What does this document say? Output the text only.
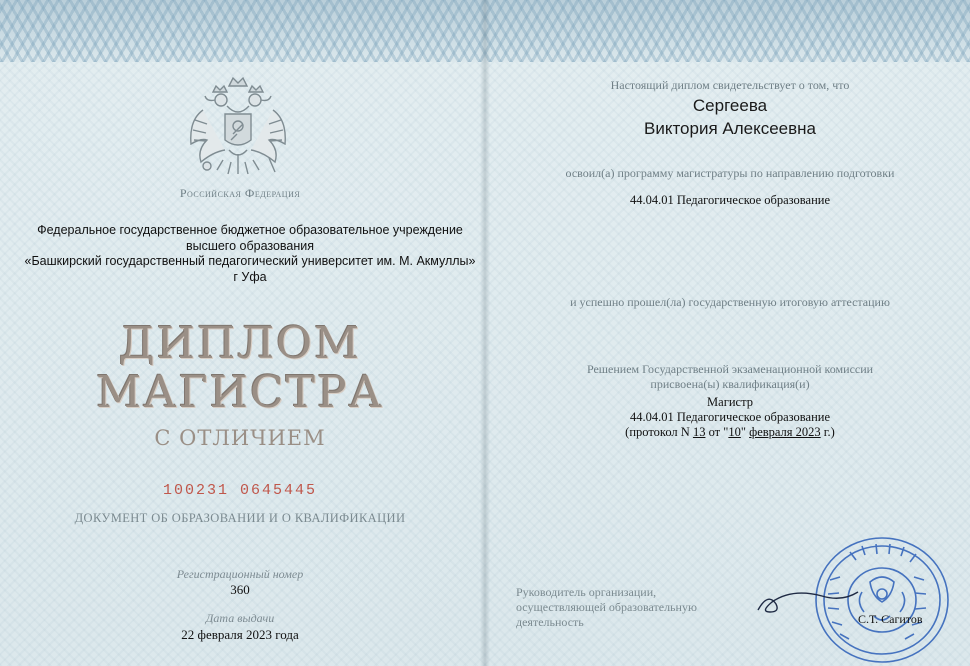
Российская Федерация
Федеральное государственное бюджетное образовательное учреждение
высшего образования
«Башкирский государственный педагогический университет им. М. Акмуллы»
г Уфа
ДИПЛОМ
МАГИСТРА
С ОТЛИЧИЕМ
100231 0645445
ДОКУМЕНТ ОБ ОБРАЗОВАНИИ И О КВАЛИФИКАЦИИ
Регистрационный номер
360
Дата выдачи
22 февраля 2023 года
Настоящий диплом свидетельствует о том, что
Сергеева
Виктория Алексеевна
освоил(а) программу магистратуры по направлению подготовки
44.04.01 Педагогическое образование
и успешно прошел(ла) государственную итоговую аттестацию
Решением Государственной экзаменационной комиссии
присвоена(ы) квалификация(и)
Магистр
44.04.01 Педагогическое образование
(протокол N 13 от "10" февраля 2023 г.)
Руководитель организации,
осуществляющей образовательную
деятельность	С.Т. Сагитов
